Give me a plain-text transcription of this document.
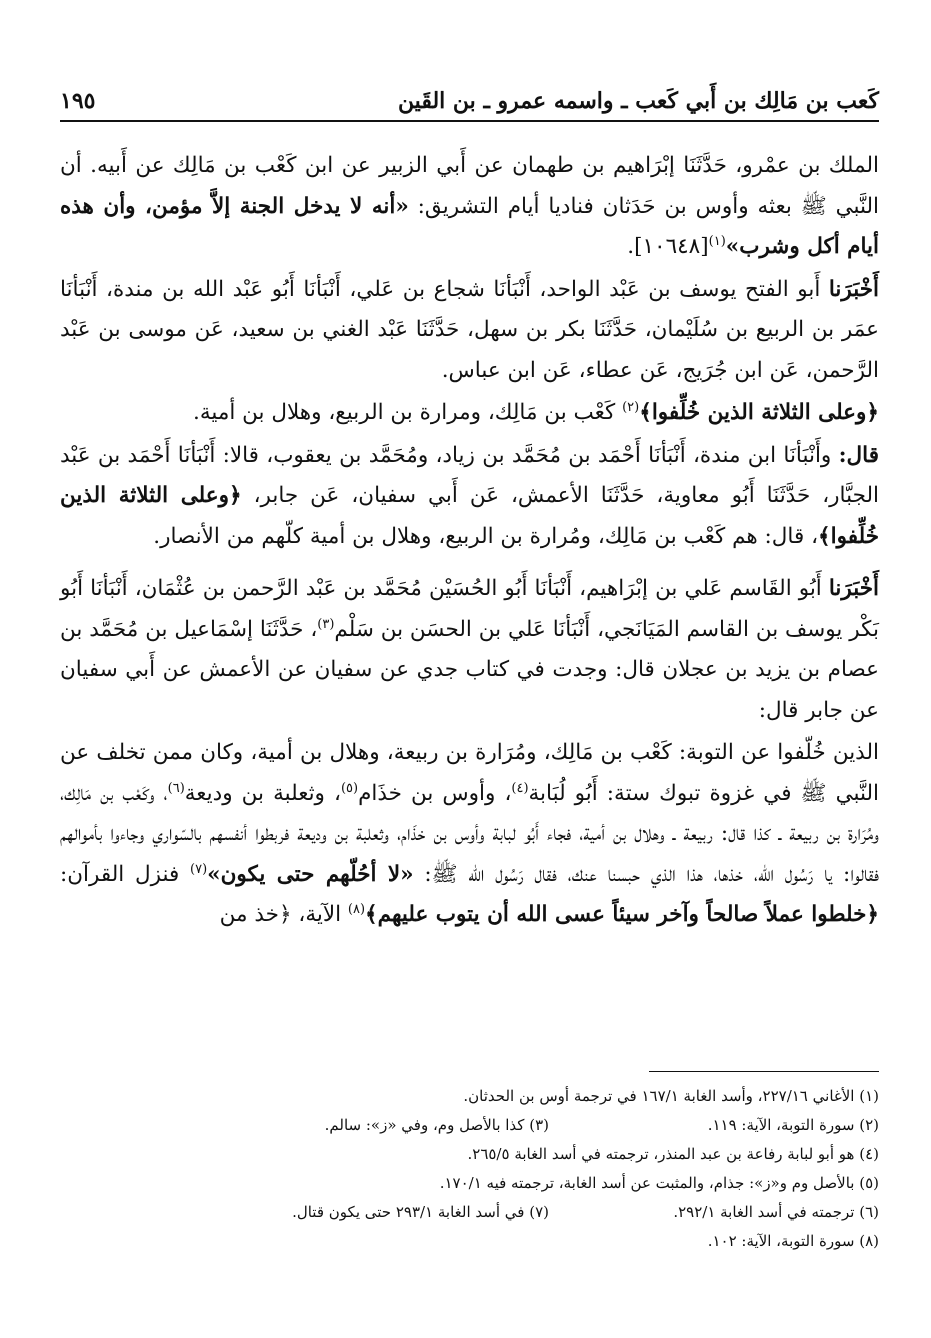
كَعب بن مَالِك بن أَبي كَعب ـ واسمه عمرو ـ بن القَين
١٩٥

الملك بن عمْرو، حَدَّثَنَا إبْرَاهيم بن طهمان عن أَبي الزبير عن ابن كَعْب بن مَالِك عن أَبيه. أن النَّبي ﷺ بعثه وأوس بن حَدَثان فناديا أيام التشريق: «أنه لا يدخل الجنة إلاَّ مؤمن، وأن هذه أيام أكل وشرب»$^{(١)}$[١٠٦٤٨].

أَخْبَرَنا أَبو الفتح يوسف بن عَبْد الواحد، أَنْبَأنَا شجاع بن عَلي، أَنْبَأنَا أَبُو عَبْد الله بن مندة، أَنْبَأنَا عمَر بن الربيع بن سُلَيْمان، حَدَّثَنَا بكر بن سهل، حَدَّثَنَا عَبْد الغني بن سعيد، عَن موسى بن عَبْد الرَّحمن، عَن ابن جُرَيج، عَن عطاء، عَن ابن عباس.

﴿وعلى الثلاثة الذين خُلِّفوا﴾$^{(٢)}$ كَعْب بن مَالِك، ومرارة بن الربيع، وهلال بن أمية.

قال: وأَنْبَأنَا ابن مندة، أَنْبَأنَا أَحْمَد بن مُحَمَّد بن زياد، ومُحَمَّد بن يعقوب، قالا: أَنْبَأنَا أَحْمَد بن عَبْد الجبَّار، حَدَّثَنَا أَبُو معاوية، حَدَّثَنَا الأعمش، عَن أَبي سفيان، عَن جابر، ﴿وعلى الثلاثة الذين خُلِّفوا﴾، قال: هم كَعْب بن مَالِك، ومُرارة بن الربيع، وهلال بن أمية كلّهم من الأنصار.

أَخْبَرَنا أَبُو القَاسم عَلي بن إبْرَاهيم، أَنْبَأنَا أَبُو الحُسَيْن مُحَمَّد بن عَبْد الرَّحمن بن عُثْمَان، أَنْبَأنَا أَبُو بَكْر يوسف بن القاسم المَيَانَجي، أَنْبَأنَا عَلي بن الحسَن بن سَلْم$^{(٣)}$، حَدَّثَنَا إسْمَاعيل بن مُحَمَّد بن عصام بن يزيد بن عجلان قال: وجدت في كتاب جدي عن سفيان عن الأعمش عن أَبي سفيان عن جابر قال:

الذين خُلّفوا عن التوبة: كَعْب بن مَالِك، ومُرَارة بن ربيعة، وهلال بن أمية، وكان ممن تخلف عن النَّبي ﷺ في غزوة تبوك ستة: أَبُو لُبَابة$^{(٤)}$، وأوس بن خذَام$^{(٥)}$، وثعلبة بن وديعة$^{(٦)}$، وكَعْب بن مَالِك، ومُرَارة بن ربيعة ـ كذا قال: ربيعة ـ وهلال بن أمية، فجاء أَبُو لبابة وأوس بن خذَام، وثعلبة بن وديعة فربطوا أنفسهم بالسّواري وجاءوا بأموالهم فقالوا: يا رَسُول الله، خذها، هذا الذي حبسنا عنك، فقال رَسُول الله ﷺ: «لا أحُلّهم حتى يكون»$^{(٧)}$ فنزل القرآن: ﴿خلطوا عملاً صالحاً وآخر سيئاً عسى الله أن يتوب عليهم﴾$^{(٨)}$ الآية، ﴿خذ من

(١) الأغاني ٢٢٧/١٦، وأسد الغابة ١٦٧/١ في ترجمة أوس بن الحدثان.
(٢) سورة التوبة، الآية: ١١٩.
(٣) كذا بالأصل وم، وفي «ز»: سالم.
(٤) هو أبو لبابة رفاعة بن عبد المنذر، ترجمته في أسد الغابة ٢٦٥/٥.
(٥) بالأصل وم و«ز»: جذام، والمثبت عن أسد الغابة، ترجمته فيه ١٧٠/١.
(٦) ترجمته في أسد الغابة ٢٩٢/١.
(٧) في أسد الغابة ٢٩٣/١ حتى يكون قتال.
(٨) سورة التوبة، الآية: ١٠٢.
